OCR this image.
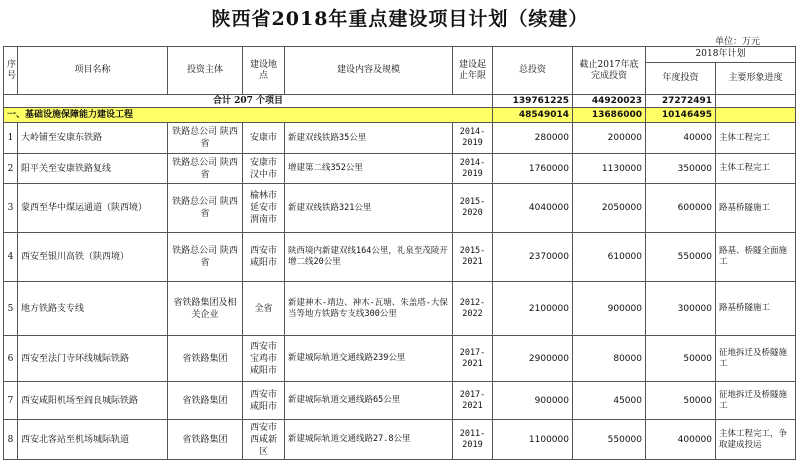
陕西省2018年重点建设项目计划（续建）
单位：万元
序号	项目名称	投资主体	建设地点	建设内容及规模	建设起止年限	总投资	截止2017年底完成投资	2018年计划	
								年度投资	主要形象进度
合计 207 个项目						139761225	44920023	27272491	
一、基础设施保障能力建设工程						48549014	13686000	10146495	
1	大岭铺至安康东铁路	铁路总公司 陕西省	安康市	新建双线铁路35公里	2014-2019	280000	200000	40000	主体工程完工
2	阳平关至安康铁路复线	铁路总公司 陕西省	安康市 汉中市	增建第二线352公里	2014-2019	1760000	1130000	350000	主体工程完工
3	蒙西至华中煤运通道（陕西境）	铁路总公司 陕西省	榆林市 延安市 渭南市	新建双线铁路321公里	2015-2020	4040000	2050000	600000	路基桥隧施工
4	西安至银川高铁（陕西境）	铁路总公司 陕西省	西安市 咸阳市	陕西境内新建双线164公里，礼泉至茂陵开增二线20公里	2015-2021	2370000	610000	550000	路基、桥隧全面施工
5	地方铁路支专线	省铁路集团及相关企业	全省	新建神木-靖边、神木-瓦塘、朱盖塔-大保当等地方铁路专支线300公里	2012-2022	2100000	900000	300000	路基桥隧施工
6	西安至法门寺环线城际铁路	省铁路集团	西安市 宝鸡市 咸阳市	新建城际轨道交通线路239公里	2017-2021	2900000	80000	50000	征地拆迁及桥隧施工
7	西安咸阳机场至阎良城际铁路	省铁路集团	西安市 咸阳市	新建城际轨道交通线路65公里	2017-2021	900000	45000	50000	征地拆迁及桥隧施工
8	西安北客站至机场城际轨道	省铁路集团	西安市 西咸新区	新建城际轨道交通线路27.8公里	2011-2019	1100000	550000	400000	主体工程完工，争取建成投运
